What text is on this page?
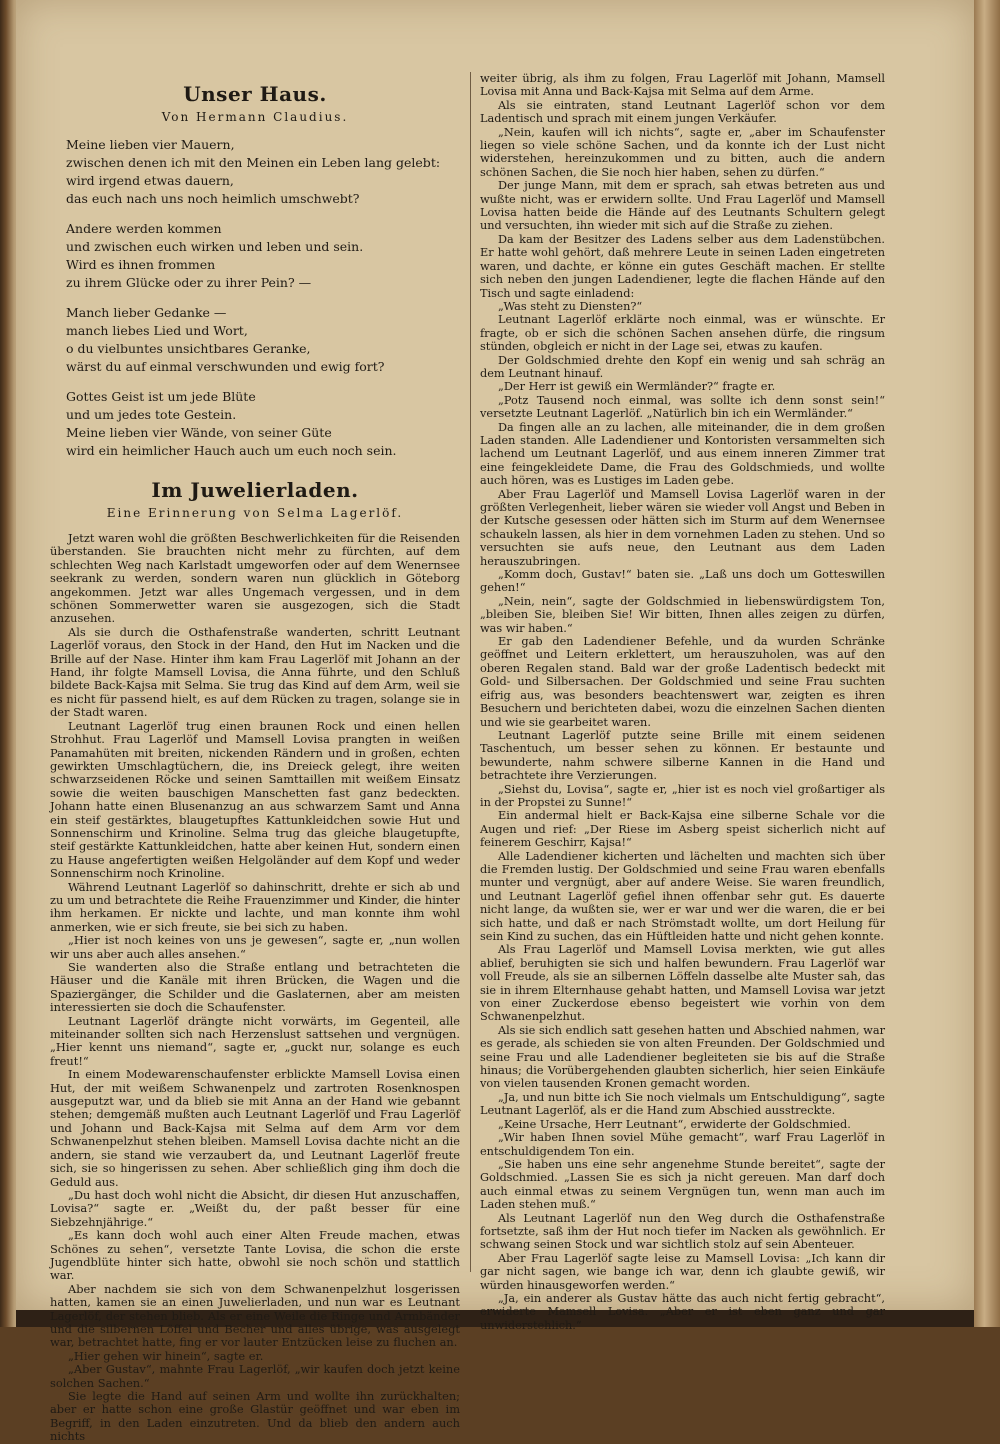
Unser Haus.
Von Hermann Claudius.
Meine lieben vier Mauern,
zwischen denen ich mit den Meinen ein Leben lang gelebt:
wird irgend etwas dauern,
das euch nach uns noch heimlich umschwebt?
Andere werden kommen
und zwischen euch wirken und leben und sein.
Wird es ihnen frommen
zu ihrem Glücke oder zu ihrer Pein? —
Manch lieber Gedanke —
manch liebes Lied und Wort,
o du vielbuntes unsichtbares Geranke,
wärst du auf einmal verschwunden und ewig fort?
Gottes Geist ist um jede Blüte
und um jedes tote Gestein.
Meine lieben vier Wände, von seiner Güte
wird ein heimlicher Hauch auch um euch noch sein.
Im Juwelierladen.
Eine Erinnerung von Selma Lagerlöf.

Jetzt waren wohl die größten Beschwerlichkeiten für die Reisenden überstanden. Sie brauchten nicht mehr zu fürchten, auf dem schlechten Weg nach Karlstadt umgeworfen oder auf dem Wenernsee seekrank zu werden, sondern waren nun glücklich in Göteborg angekommen. Jetzt war alles Ungemach vergessen, und in dem schönen Sommerwetter waren sie ausgezogen, sich die Stadt anzusehen.

Als sie durch die Osthafenstraße wanderten, schritt Leutnant Lagerlöf voraus, den Stock in der Hand, den Hut im Nacken und die Brille auf der Nase. Hinter ihm kam Frau Lagerlöf mit Johann an der Hand, ihr folgte Mamsell Lovisa, die Anna führte, und den Schluß bildete Back-Kajsa mit Selma. Sie trug das Kind auf dem Arm, weil sie es nicht für passend hielt, es auf dem Rücken zu tragen, solange sie in der Stadt waren.

Leutnant Lagerlöf trug einen braunen Rock und einen hellen Strohhut. Frau Lagerlöf und Mamsell Lovisa prangten in weißen Panamahüten mit breiten, nickenden Rändern und in großen, echten gewirkten Umschlagtüchern, die, ins Dreieck gelegt, ihre weiten schwarzseidenen Röcke und seinen Samttaillen mit weißem Einsatz sowie die weiten bauschigen Manschetten fast ganz bedeckten. Johann hatte einen Blusenanzug an aus schwarzem Samt und Anna ein steif gestärktes, blaugetupftes Kattunkleidchen sowie Hut und Sonnenschirm und Krinoline. Selma trug das gleiche blaugetupfte, steif gestärkte Kattunkleidchen, hatte aber keinen Hut, sondern einen zu Hause angefertigten weißen Helgoländer auf dem Kopf und weder Sonnenschirm noch Krinoline.

Während Leutnant Lagerlöf so dahinschritt, drehte er sich ab und zu um und betrachtete die Reihe Frauenzimmer und Kinder, die hinter ihm herkamen. Er nickte und lachte, und man konnte ihm wohl anmerken, wie er sich freute, sie bei sich zu haben.

„Hier ist noch keines von uns je gewesen“, sagte er, „nun wollen wir uns aber auch alles ansehen.“

Sie wanderten also die Straße entlang und betrachteten die Häuser und die Kanäle mit ihren Brücken, die Wagen und die Spaziergänger, die Schilder und die Gaslaternen, aber am meisten interessierten sie doch die Schaufenster.

Leutnant Lagerlöf drängte nicht vorwärts, im Gegenteil, alle miteinander sollten sich nach Herzenslust sattsehen und vergnügen. „Hier kennt uns niemand“, sagte er, „guckt nur, solange es euch freut!“

In einem Modewarenschaufenster erblickte Mamsell Lovisa einen Hut, der mit weißem Schwanenpelz und zartroten Rosenknospen ausgeputzt war, und da blieb sie mit Anna an der Hand wie gebannt stehen; demgemäß mußten auch Leutnant Lagerlöf und Frau Lagerlöf und Johann und Back-Kajsa mit Selma auf dem Arm vor dem Schwanenpelzhut stehen bleiben. Mamsell Lovisa dachte nicht an die andern, sie stand wie verzaubert da, und Leutnant Lagerlöf freute sich, sie so hingerissen zu sehen. Aber schließlich ging ihm doch die Geduld aus.

„Du hast doch wohl nicht die Absicht, dir diesen Hut anzuschaffen, Lovisa?“ sagte er. „Weißt du, der paßt besser für eine Siebzehnjährige.“

„Es kann doch wohl auch einer Alten Freude machen, etwas Schönes zu sehen“, versetzte Tante Lovisa, die schon die erste Jugendblüte hinter sich hatte, obwohl sie noch schön und stattlich war.

Aber nachdem sie sich von dem Schwanenpelzhut losgerissen hatten, kamen sie an einen Juwelierladen, und nun war es Leutnant Lagerlöf, der stehen blieb. Als er eine Weile die Ringe und Armbänder und die silbernen Löffel und Becher und alles übrige, was ausgelegt war, betrachtet hatte, fing er vor lauter Entzücken leise zu fluchen an.

„Hier gehen wir hinein“, sagte er.

„Aber Gustav“, mahnte Frau Lagerlöf, „wir kaufen doch jetzt keine solchen Sachen.“

Sie legte die Hand auf seinen Arm und wollte ihn zurückhalten; aber er hatte schon eine große Glastür geöffnet und war eben im Begriff, in den Laden einzutreten. Und da blieb den andern auch nichts

weiter übrig, als ihm zu folgen, Frau Lagerlöf mit Johann, Mamsell Lovisa mit Anna und Back-Kajsa mit Selma auf dem Arme.

Als sie eintraten, stand Leutnant Lagerlöf schon vor dem Ladentisch und sprach mit einem jungen Verkäufer.

„Nein, kaufen will ich nichts“, sagte er, „aber im Schaufenster liegen so viele schöne Sachen, und da konnte ich der Lust nicht widerstehen, hereinzukommen und zu bitten, auch die andern schönen Sachen, die Sie noch hier haben, sehen zu dürfen.“

Der junge Mann, mit dem er sprach, sah etwas betreten aus und wußte nicht, was er erwidern sollte. Und Frau Lagerlöf und Mamsell Lovisa hatten beide die Hände auf des Leutnants Schultern gelegt und versuchten, ihn wieder mit sich auf die Straße zu ziehen.

Da kam der Besitzer des Ladens selber aus dem Ladenstübchen. Er hatte wohl gehört, daß mehrere Leute in seinen Laden eingetreten waren, und dachte, er könne ein gutes Geschäft machen. Er stellte sich neben den jungen Ladendiener, legte die flachen Hände auf den Tisch und sagte einladend:

„Was steht zu Diensten?“

Leutnant Lagerlöf erklärte noch einmal, was er wünschte. Er fragte, ob er sich die schönen Sachen ansehen dürfe, die ringsum stünden, obgleich er nicht in der Lage sei, etwas zu kaufen.

Der Goldschmied drehte den Kopf ein wenig und sah schräg an dem Leutnant hinauf.

„Der Herr ist gewiß ein Wermländer?“ fragte er.

„Potz Tausend noch einmal, was sollte ich denn sonst sein!“ versetzte Leutnant Lagerlöf. „Natürlich bin ich ein Wermländer.“

Da fingen alle an zu lachen, alle miteinander, die in dem großen Laden standen. Alle Ladendiener und Kontoristen versammelten sich lachend um Leutnant Lagerlöf, und aus einem inneren Zimmer trat eine feingekleidete Dame, die Frau des Goldschmieds, und wollte auch hören, was es Lustiges im Laden gebe.

Aber Frau Lagerlöf und Mamsell Lovisa Lagerlöf waren in der größten Verlegenheit, lieber wären sie wieder voll Angst und Beben in der Kutsche gesessen oder hätten sich im Sturm auf dem Wenernsee schaukeln lassen, als hier in dem vornehmen Laden zu stehen. Und so versuchten sie aufs neue, den Leutnant aus dem Laden herauszubringen.

„Komm doch, Gustav!“ baten sie. „Laß uns doch um Gotteswillen gehen!“

„Nein, nein“, sagte der Goldschmied in liebenswürdigstem Ton, „bleiben Sie, bleiben Sie! Wir bitten, Ihnen alles zeigen zu dürfen, was wir haben.“

Er gab den Ladendiener Befehle, und da wurden Schränke geöffnet und Leitern erklettert, um herauszuholen, was auf den oberen Regalen stand. Bald war der große Ladentisch bedeckt mit Gold- und Silbersachen. Der Goldschmied und seine Frau suchten eifrig aus, was besonders beachtenswert war, zeigten es ihren Besuchern und berichteten dabei, wozu die einzelnen Sachen dienten und wie sie gearbeitet waren.

Leutnant Lagerlöf putzte seine Brille mit einem seidenen Taschentuch, um besser sehen zu können. Er bestaunte und bewunderte, nahm schwere silberne Kannen in die Hand und betrachtete ihre Verzierungen.

„Siehst du, Lovisa“, sagte er, „hier ist es noch viel großartiger als in der Propstei zu Sunne!“

Ein andermal hielt er Back-Kajsa eine silberne Schale vor die Augen und rief: „Der Riese im Asberg speist sicherlich nicht auf feinerem Geschirr, Kajsa!“

Alle Ladendiener kicherten und lächelten und machten sich über die Fremden lustig. Der Goldschmied und seine Frau waren ebenfalls munter und vergnügt, aber auf andere Weise. Sie waren freundlich, und Leutnant Lagerlöf gefiel ihnen offenbar sehr gut. Es dauerte nicht lange, da wußten sie, wer er war und wer die waren, die er bei sich hatte, und daß er nach Strömstadt wollte, um dort Heilung für sein Kind zu suchen, das ein Hüftleiden hatte und nicht gehen konnte.

Als Frau Lagerlöf und Mamsell Lovisa merkten, wie gut alles ablief, beruhigten sie sich und halfen bewundern. Frau Lagerlöf war voll Freude, als sie an silbernen Löffeln dasselbe alte Muster sah, das sie in ihrem Elternhause gehabt hatten, und Mamsell Lovisa war jetzt von einer Zuckerdose ebenso begeistert wie vorhin von dem Schwanenpelzhut.

Als sie sich endlich satt gesehen hatten und Abschied nahmen, war es gerade, als schieden sie von alten Freunden. Der Goldschmied und seine Frau und alle Ladendiener begleiteten sie bis auf die Straße hinaus; die Vorübergehenden glaubten sicherlich, hier seien Einkäufe von vielen tausenden Kronen gemacht worden.

„Ja, und nun bitte ich Sie noch vielmals um Entschuldigung“, sagte Leutnant Lagerlöf, als er die Hand zum Abschied ausstreckte.

„Keine Ursache, Herr Leutnant“, erwiderte der Goldschmied.

„Wir haben Ihnen soviel Mühe gemacht“, warf Frau Lagerlöf in entschuldigendem Ton ein.

„Sie haben uns eine sehr angenehme Stunde bereitet“, sagte der Goldschmied. „Lassen Sie es sich ja nicht gereuen. Man darf doch auch einmal etwas zu seinem Vergnügen tun, wenn man auch im Laden stehen muß.“

Als Leutnant Lagerlöf nun den Weg durch die Osthafenstraße fortsetzte, saß ihm der Hut noch tiefer im Nacken als gewöhnlich. Er schwang seinen Stock und war sichtlich stolz auf sein Abenteuer.

Aber Frau Lagerlöf sagte leise zu Mamsell Lovisa: „Ich kann dir gar nicht sagen, wie bange ich war, denn ich glaubte gewiß, wir würden hinausgeworfen werden.“

„Ja, ein anderer als Gustav hätte das auch nicht fertig gebracht“, erwiderte Mamsell Lovisa. „Aber er ist eben ganz und gar unwiderstehlich.“
